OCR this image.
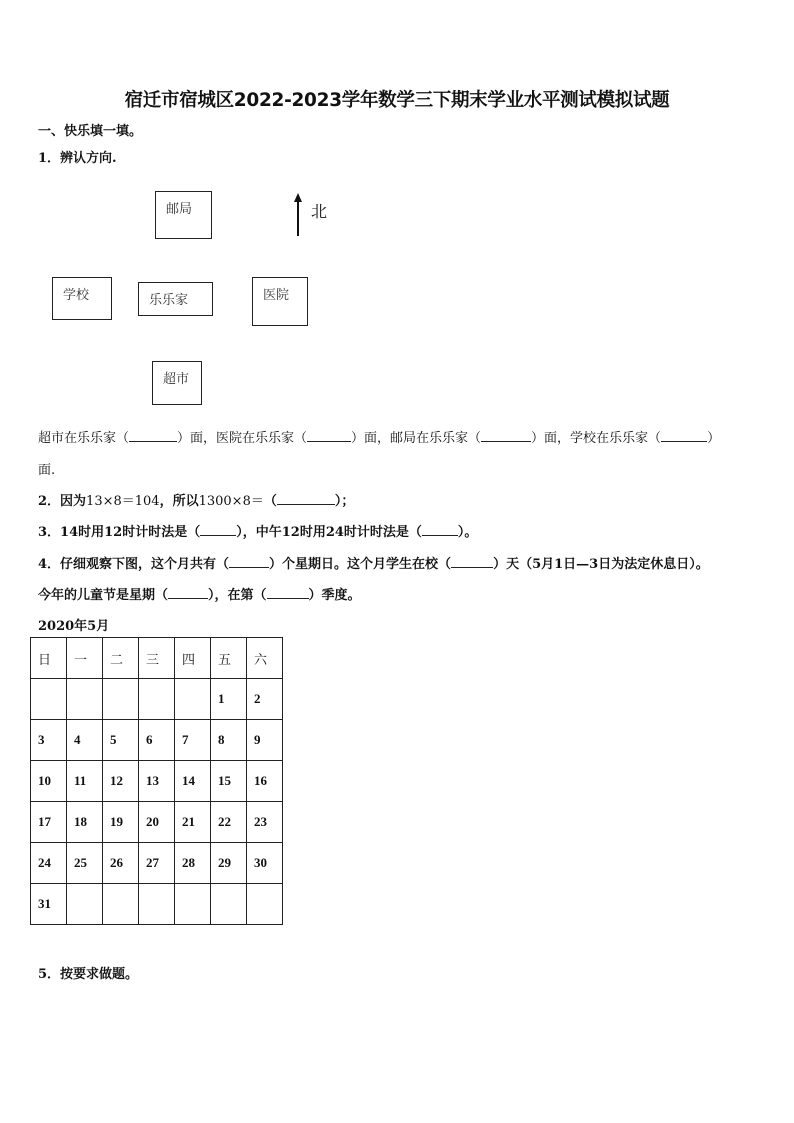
宿迁市宿城区2022-2023学年数学三下期末学业水平测试模拟试题
一、快乐填一填。
1．辨认方向.
邮局	北
学校	乐乐家	医院
超市
超市在乐乐家（	）面，医院在乐乐家（	）面，邮局在乐乐家（	）面，学校在乐乐家（	）
面.
2．因为13×8＝104，所以1300×8＝（	）；
3．14时用12时计时法是（	），中午12时用24时计时法是（	）。
4．仔细观察下图，这个月共有（	）个星期日。这个月学生在校（	）天（5月1日—3日为法定休息日）。
今年的儿童节是星期（	），在第（	）季度。
2020年5月
日	一	二	三	四	五	六
					1	2
3	4	5	6	7	8	9
10	11	12	13	14	15	16
17	18	19	20	21	22	23
24	25	26	27	28	29	30
31						
5．按要求做题。
